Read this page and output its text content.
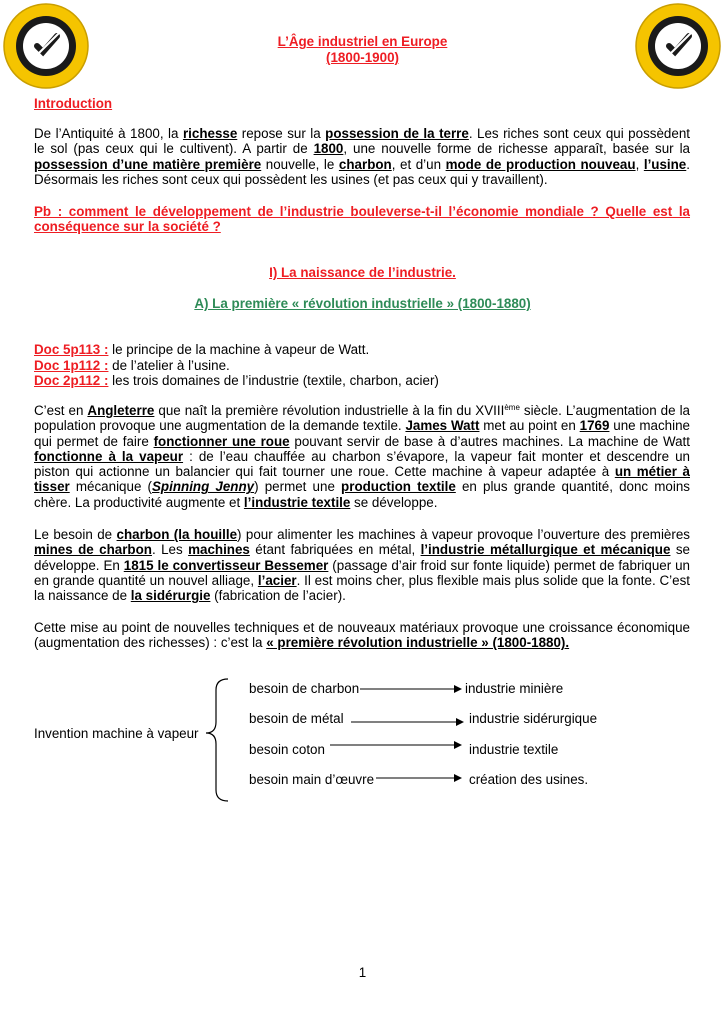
L’Âge industriel en Europe
(1800-1900)
Introduction
De l’Antiquité à 1800, la richesse repose sur la possession de la terre. Les riches sont ceux qui possèdent le sol (pas ceux qui le cultivent). A partir de 1800, une nouvelle forme de richesse apparaît, basée sur la possession d’une matière première nouvelle, le charbon, et d’un mode de production nouveau, l’usine. Désormais les riches sont ceux qui possèdent les usines (et pas ceux qui y travaillent).
Pb : comment le développement de l’industrie bouleverse-t-il l’économie mondiale ? Quelle est la conséquence sur la société ?
I) La naissance de l’industrie.
A) La première « révolution industrielle » (1800-1880)
Doc 5p113 : le principe de la machine à vapeur de Watt.
Doc 1p112 : de l’atelier à l’usine.
Doc 2p112 : les trois domaines de l’industrie (textile, charbon, acier)
C’est en Angleterre que naît la première révolution industrielle à la fin du XVIIIème siècle. L’augmentation de la population provoque une augmentation de la demande textile. James Watt met au point en 1769 une machine qui permet de faire fonctionner une roue pouvant servir de base à d’autres machines. La machine de Watt fonctionne à la vapeur : de l’eau chauffée au charbon s’évapore, la vapeur fait monter et descendre un piston qui actionne un balancier qui fait tourner une roue. Cette machine à vapeur adaptée à un métier à tisser mécanique (Spinning Jenny) permet une production textile en plus grande quantité, donc moins chère. La productivité augmente et l’industrie textile se développe.
Le besoin de charbon (la houille) pour alimenter les machines à vapeur provoque l’ouverture des premières mines de charbon. Les machines étant fabriquées en métal, l’industrie métallurgique et mécanique se développe. En 1815 le convertisseur Bessemer (passage d’air froid sur fonte liquide) permet de fabriquer un en grande quantité un nouvel alliage, l’acier. Il est moins cher, plus flexible mais plus solide que la fonte. C’est la naissance de la sidérurgie (fabrication de l’acier).
Cette mise au point de nouvelles techniques et de nouveaux matériaux provoque une croissance économique (augmentation des richesses) : c’est la « première révolution industrielle » (1800-1880).
Invention machine à vapeur
besoin de charbon	industrie minière
besoin de métal	industrie sidérurgique
besoin coton	industrie textile
besoin main d’œuvre	création des usines.
1
